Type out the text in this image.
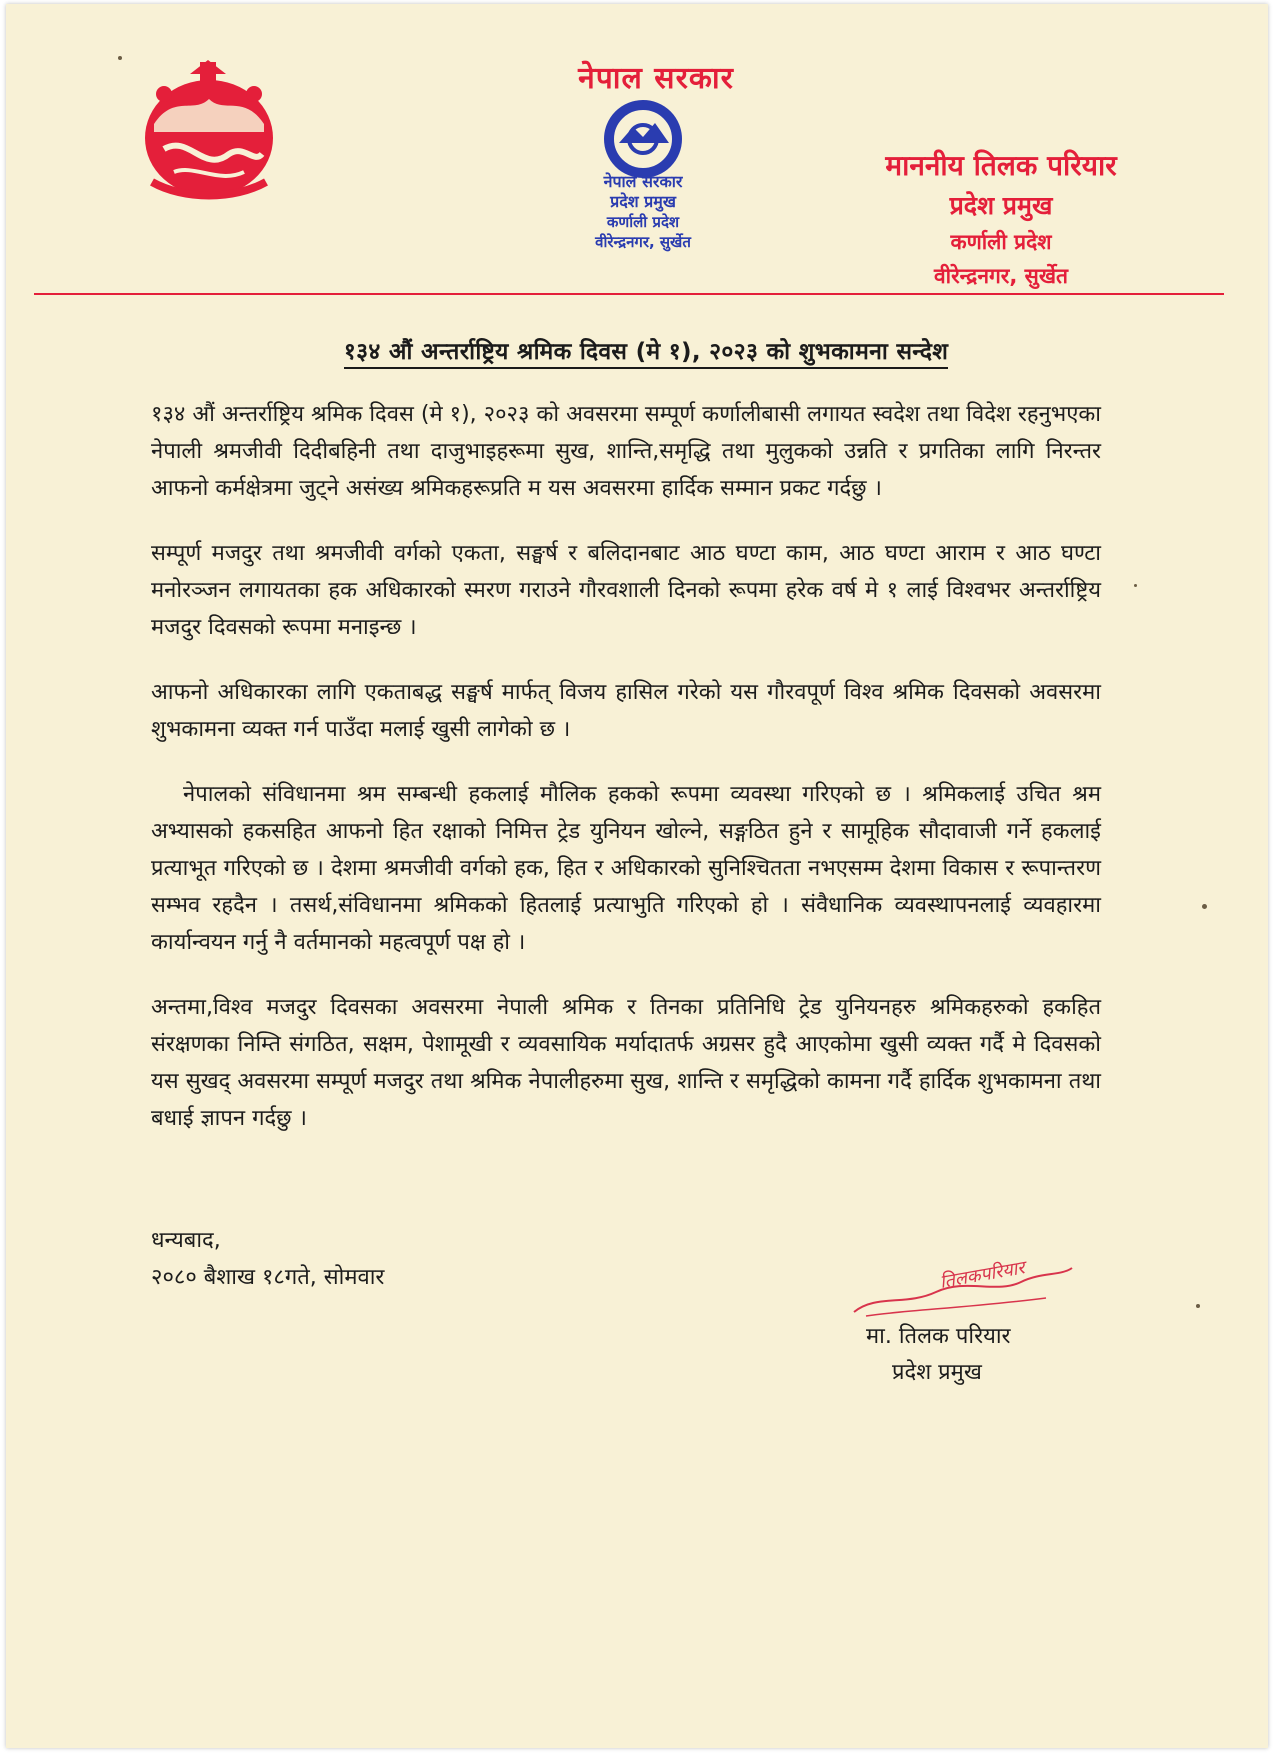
नेपाल सरकार
नेपाल सरकार
प्रदेश प्रमुख
कर्णाली प्रदेश
वीरेन्द्रनगर, सुर्खेत
माननीय तिलक परियार
प्रदेश प्रमुख
कर्णाली प्रदेश
वीरेन्द्रनगर, सुर्खेत
१३४ औं अन्तर्राष्ट्रिय श्रमिक दिवस (मे १), २०२३ को शुभकामना सन्देश

१३४ औं अन्तर्राष्ट्रिय श्रमिक दिवस (मे १), २०२३ को अवसरमा सम्पूर्ण कर्णालीबासी लगायत स्वदेश तथा विदेश रहनुभएका नेपाली श्रमजीवी दिदीबहिनी तथा दाजुभाइहरूमा सुख, शान्ति,समृद्धि तथा मुलुकको उन्नति र प्रगतिका लागि निरन्तर आफनो कर्मक्षेत्रमा जुट्ने असंख्य श्रमिकहरूप्रति म यस अवसरमा हार्दिक सम्मान प्रकट गर्दछु ।

सम्पूर्ण मजदुर तथा श्रमजीवी वर्गको एकता, सङ्घर्ष र बलिदानबाट आठ घण्टा काम, आठ घण्टा आराम र आठ घण्टा मनोरञ्जन लगायतका हक अधिकारको स्मरण गराउने गौरवशाली दिनको रूपमा हरेक वर्ष मे १ लाई विश्वभर अन्तर्राष्ट्रिय मजदुर दिवसको रूपमा मनाइन्छ ।

आफनो अधिकारका लागि एकताबद्ध सङ्घर्ष मार्फत् विजय हासिल गरेको यस गौरवपूर्ण विश्व श्रमिक दिवसको अवसरमा शुभकामना व्यक्त गर्न पाउँदा मलाई खुसी लागेको छ ।

नेपालको संविधानमा श्रम सम्बन्धी हकलाई मौलिक हकको रूपमा व्यवस्था गरिएको छ । श्रमिकलाई उचित श्रम अभ्यासको हकसहित आफनो हित रक्षाको निमित्त ट्रेड युनियन खोल्ने, सङ्गठित हुने र सामूहिक सौदावाजी गर्ने हकलाई प्रत्याभूत गरिएको छ । देशमा श्रमजीवी वर्गको हक, हित र अधिकारको सुनिश्चितता नभएसम्म देशमा विकास र रूपान्तरण सम्भव रहदैन । तसर्थ,संविधानमा श्रमिकको हितलाई प्रत्याभुति गरिएको हो । संवैधानिक व्यवस्थापनलाई व्यवहारमा कार्यान्वयन गर्नु नै वर्तमानको महत्वपूर्ण पक्ष हो ।

अन्तमा,विश्व मजदुर दिवसका अवसरमा नेपाली श्रमिक र तिनका प्रतिनिधि ट्रेड युनियनहरु श्रमिकहरुको हकहित संरक्षणका निम्ति संगठित, सक्षम, पेशामूखी र व्यवसायिक मर्यादातर्फ अग्रसर हुदै आएकोमा खुसी व्यक्त गर्दै मे दिवसको यस सुखद् अवसरमा सम्पूर्ण मजदुर तथा श्रमिक नेपालीहरुमा सुख, शान्ति र समृद्धिको कामना गर्दै हार्दिक शुभकामना तथा बधाई ज्ञापन गर्दछु ।

धन्यबाद,
२०८० बैशाख १८गते, सोमवार	तिलकपरियार
मा. तिलक परियार
प्रदेश प्रमुख
